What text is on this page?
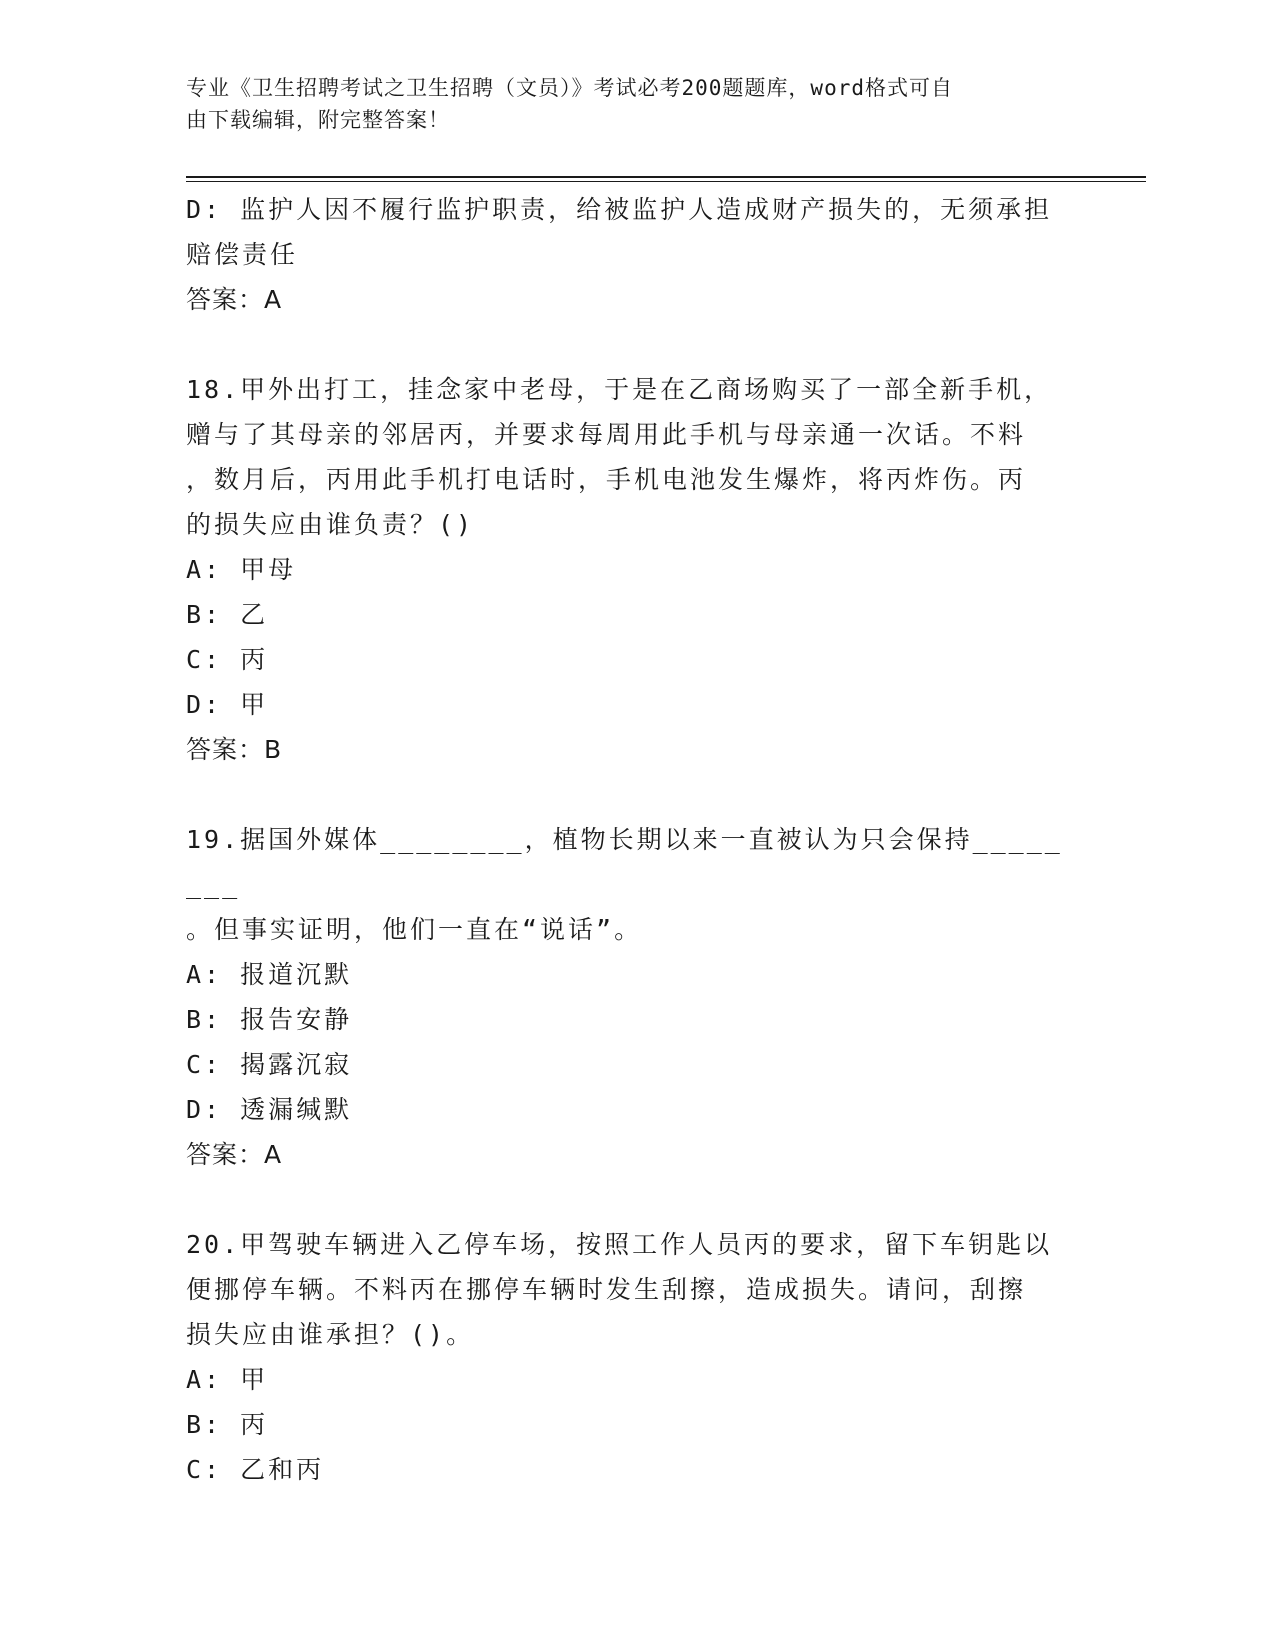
专业《卫生招聘考试之卫生招聘（文员）》考试必考200题题库，word格式可自
由下载编辑，附完整答案！
D: 监护人因不履行监护职责，给被监护人造成财产损失的，无须承担
赔偿责任
答案：A
18.甲外出打工，挂念家中老母，于是在乙商场购买了一部全新手机，
赠与了其母亲的邻居丙，并要求每周用此手机与母亲通一次话。不料
，数月后，丙用此手机打电话时，手机电池发生爆炸，将丙炸伤。丙
的损失应由谁负责？()
A: 甲母
B: 乙
C: 丙
D: 甲
答案：B
19.据国外媒体________，植物长期以来一直被认为只会保持________
。但事实证明，他们一直在“说话”。
A: 报道沉默
B: 报告安静
C: 揭露沉寂
D: 透漏缄默
答案：A
20.甲驾驶车辆进入乙停车场，按照工作人员丙的要求，留下车钥匙以
便挪停车辆。不料丙在挪停车辆时发生刮擦，造成损失。请问，刮擦
损失应由谁承担？()。
A: 甲
B: 丙
C: 乙和丙
